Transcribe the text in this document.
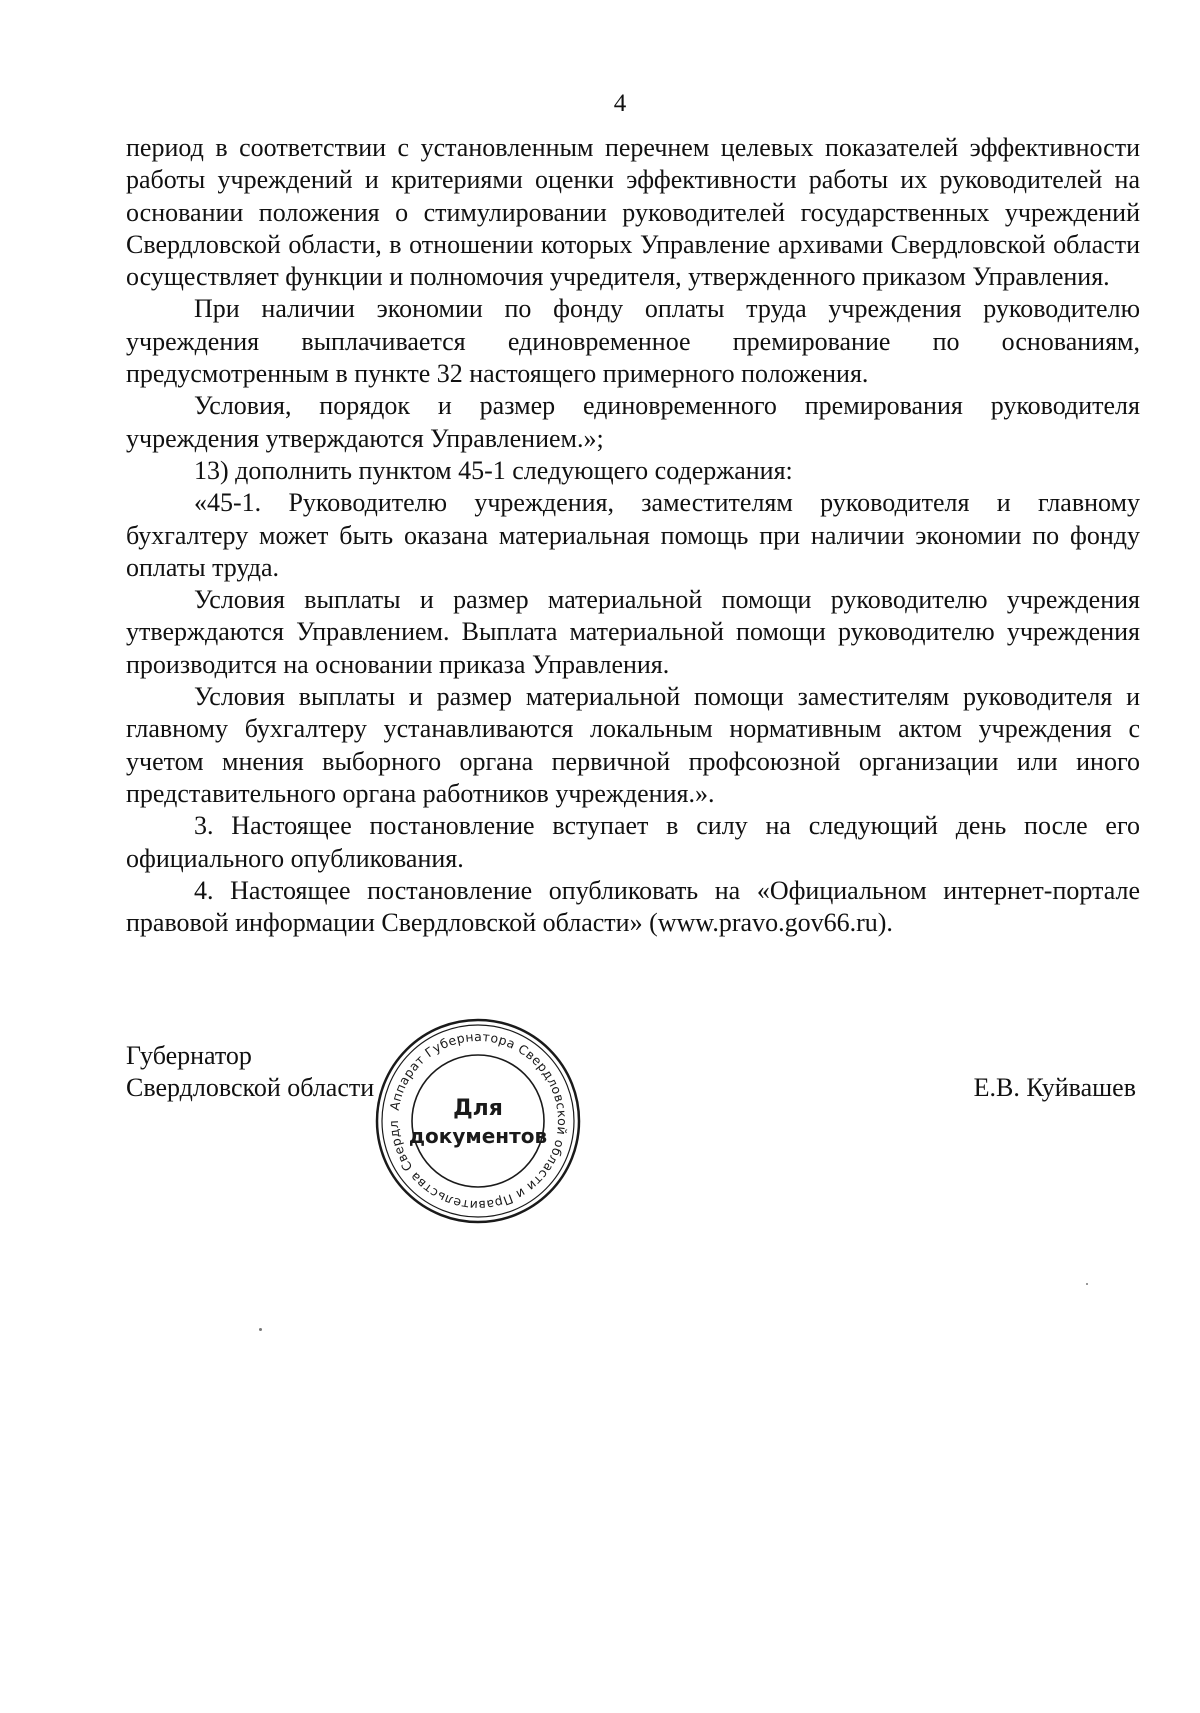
4

период в соответствии с установленным перечнем целевых показателей эффективности работы учреждений и критериями оценки эффективности работы их руководителей на основании положения о стимулировании руководителей государственных учреждений Свердловской области, в отношении которых Управление архивами Свердловской области осуществляет функции и полномочия учредителя, утвержденного приказом Управления.

При наличии экономии по фонду оплаты труда учреждения руководителю учреждения выплачивается единовременное премирование по основаниям, предусмотренным в пункте 32 настоящего примерного положения.

Условия, порядок и размер единовременного премирования руководителя учреждения утверждаются Управлением.»;

13) дополнить пунктом 45-1 следующего содержания:

«45-1. Руководителю учреждения, заместителям руководителя и главному бухгалтеру может быть оказана материальная помощь при наличии экономии по фонду оплаты труда.

Условия выплаты и размер материальной помощи руководителю учреждения утверждаются Управлением. Выплата материальной помощи руководителю учреждения производится на основании приказа Управления.

Условия выплаты и размер материальной помощи заместителям руководителя и главному бухгалтеру устанавливаются локальным нормативным актом учреждения с учетом мнения выборного органа первичной профсоюзной организации или иного представительного органа работников учреждения.».

3. Настоящее постановление вступает в силу на следующий день после его официального опубликования.

4. Настоящее постановление опубликовать на «Официальном интернет-портале правовой информации Свердловской области» (www.pravo.gov66.ru).

Губернатор
Свердловской области
Аппарат Губернатора Свердловской области и Правительства Свердл
Для
документов
Е.В. Куйвашев
